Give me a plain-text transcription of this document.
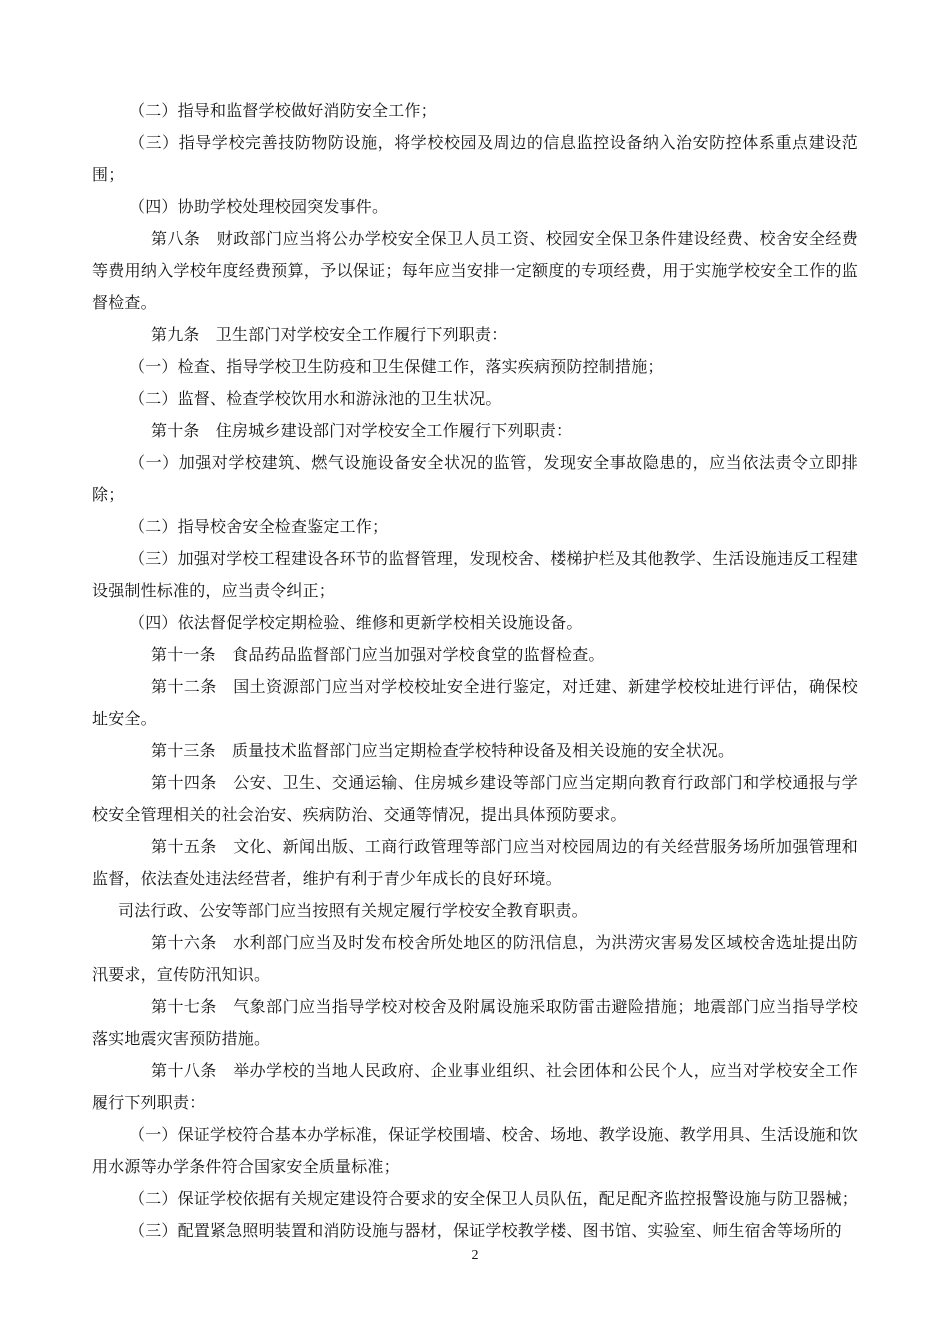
（二）指导和监督学校做好消防安全工作；

（三）指导学校完善技防物防设施，将学校校园及周边的信息监控设备纳入治安防控体系重点建设范围；

（四）协助学校处理校园突发事件。

第八条　财政部门应当将公办学校安全保卫人员工资、校园安全保卫条件建设经费、校舍安全经费等费用纳入学校年度经费预算，予以保证；每年应当安排一定额度的专项经费，用于实施学校安全工作的监督检查。

第九条　卫生部门对学校安全工作履行下列职责：

（一）检查、指导学校卫生防疫和卫生保健工作，落实疾病预防控制措施；

（二）监督、检查学校饮用水和游泳池的卫生状况。

第十条　住房城乡建设部门对学校安全工作履行下列职责：

（一）加强对学校建筑、燃气设施设备安全状况的监管，发现安全事故隐患的，应当依法责令立即排除；

（二）指导校舍安全检查鉴定工作；

（三）加强对学校工程建设各环节的监督管理，发现校舍、楼梯护栏及其他教学、生活设施违反工程建设强制性标准的，应当责令纠正；

（四）依法督促学校定期检验、维修和更新学校相关设施设备。

第十一条　食品药品监督部门应当加强对学校食堂的监督检查。

第十二条　国土资源部门应当对学校校址安全进行鉴定，对迁建、新建学校校址进行评估，确保校址安全。

第十三条　质量技术监督部门应当定期检查学校特种设备及相关设施的安全状况。

第十四条　公安、卫生、交通运输、住房城乡建设等部门应当定期向教育行政部门和学校通报与学校安全管理相关的社会治安、疾病防治、交通等情况，提出具体预防要求。

第十五条　文化、新闻出版、工商行政管理等部门应当对校园周边的有关经营服务场所加强管理和监督，依法查处违法经营者，维护有利于青少年成长的良好环境。

司法行政、公安等部门应当按照有关规定履行学校安全教育职责。

第十六条　水利部门应当及时发布校舍所处地区的防汛信息，为洪涝灾害易发区域校舍选址提出防汛要求，宣传防汛知识。

第十七条　气象部门应当指导学校对校舍及附属设施采取防雷击避险措施；地震部门应当指导学校落实地震灾害预防措施。

第十八条　举办学校的当地人民政府、企业事业组织、社会团体和公民个人，应当对学校安全工作履行下列职责：

（一）保证学校符合基本办学标准，保证学校围墙、校舍、场地、教学设施、教学用具、生活设施和饮用水源等办学条件符合国家安全质量标准；

（二）保证学校依据有关规定建设符合要求的安全保卫人员队伍，配足配齐监控报警设施与防卫器械；

（三）配置紧急照明装置和消防设施与器材，保证学校教学楼、图书馆、实验室、师生宿舍等场所的

2
